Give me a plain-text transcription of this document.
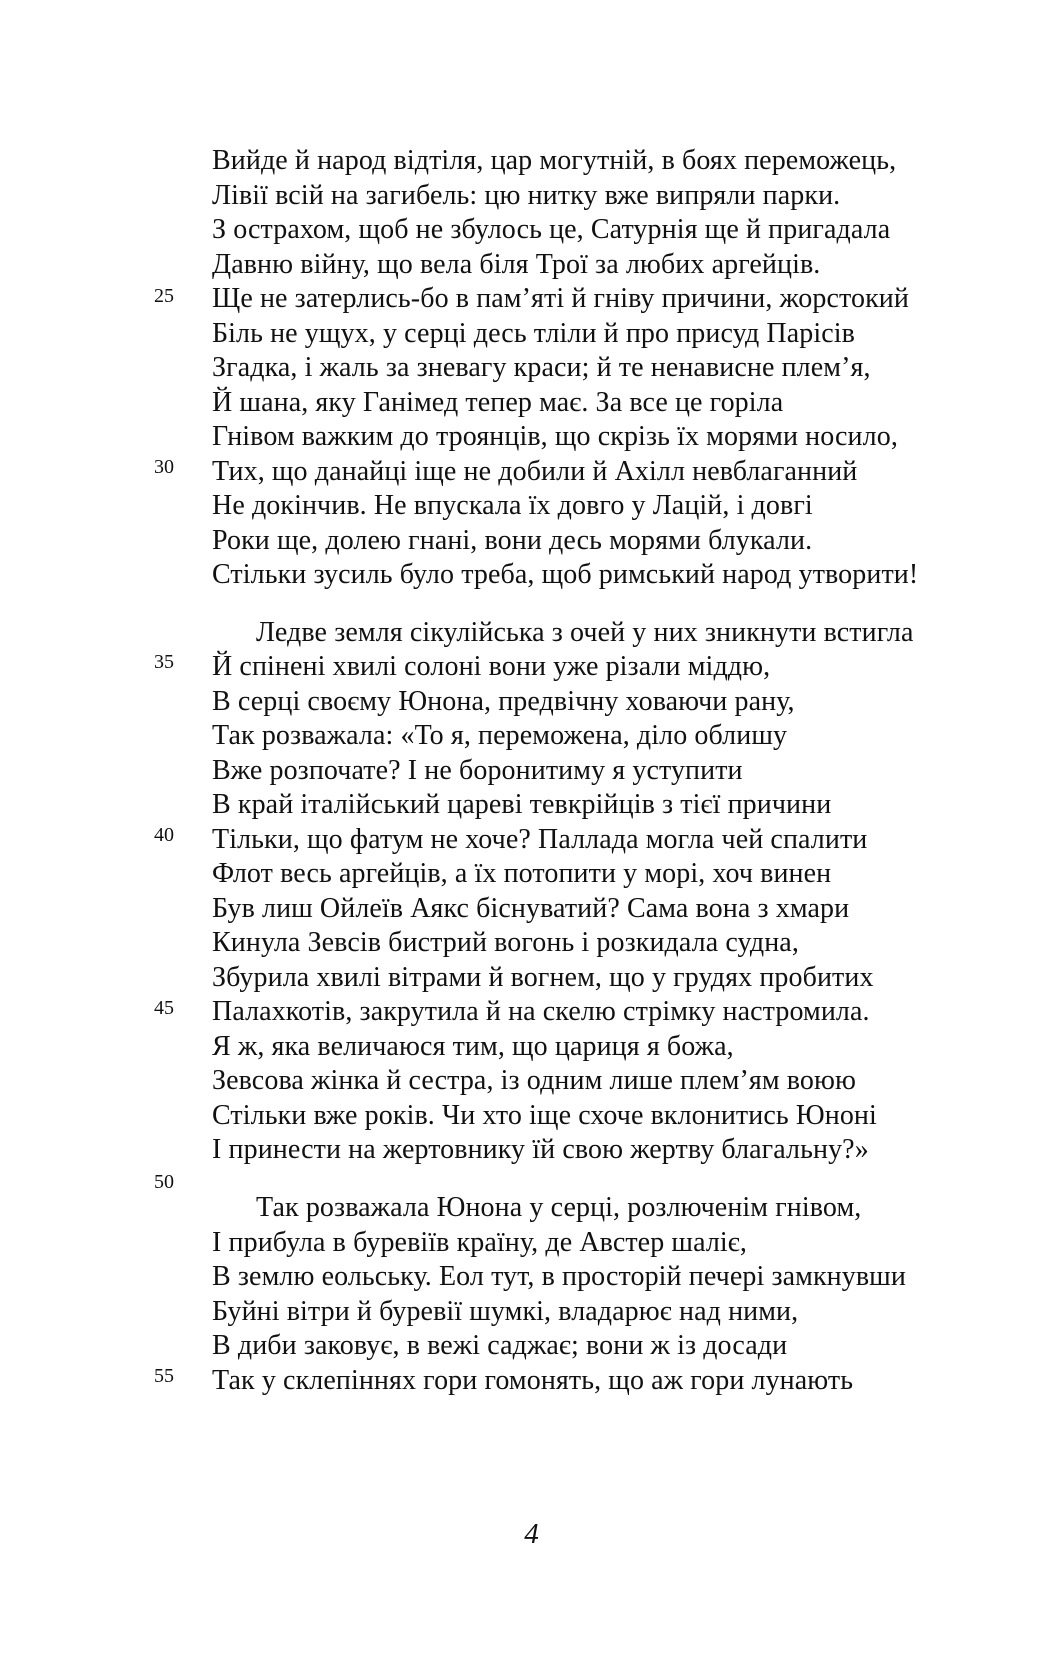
Вийде й народ відтіля, цар могутній, в боях переможець,
Лівії всій на загибель: цю нитку вже випряли парки.
З острахом, щоб не збулось це, Сатурнія ще й пригадала
Давню війну, що вела біля Трої за любих аргейців.
25 Ще не затерлись-бо в пам’яті й гніву причини, жорстокий
Біль не ущух, у серці десь тліли й про присуд Парісів
Згадка, і жаль за зневагу краси; й те ненависне плем’я,
Й шана, яку Ганімед тепер має. За все це горіла
Гнівом важким до троянців, що скрізь їх морями носило,
30 Тих, що данайці іще не добили й Ахілл невблаганний
Не докінчив. Не впускала їх довго у Лацій, і довгі
Роки ще, долею гнані, вони десь морями блукали.
Стільки зусиль було треба, щоб римський народ утворити!
Ледве земля сікулійська з очей у них зникнути встигла
35 Й спінені хвилі солоні вони уже різали міддю,
В серці своєму Юнона, предвічну ховаючи рану,
Так розважала: «То я, переможена, діло облишу
Вже розпочате? І не боронитиму я уступити
В край італійський цареві тевкрійців з тієї причини
40 Тільки, що фатум не хоче? Паллада могла чей спалити
Флот весь аргейців, а їх потопити у морі, хоч винен
Був лиш Ойлеїв Аякс біснуватий? Сама вона з хмари
Кинула Зевсів бистрий вогонь і розкидала судна,
Збурила хвилі вітрами й вогнем, що у грудях пробитих
45 Палахкотів, закрутила й на скелю стрімку настромила.
Я ж, яка величаюся тим, що цариця я божа,
Зевсова жінка й сестра, із одним лише плем’ям воюю
Стільки вже років. Чи хто іще схоче вклонитись Юноні
І принести на жертовнику їй свою жертву благальну?»
50
Так розважала Юнона у серці, розлюченім гнівом,
І прибула в буревіїв країну, де Австер шаліє,
В землю еольську. Еол тут, в просторій печері замкнувши
Буйні вітри й буревії шумкі, владарює над ними,
В диби заковує, в вежі саджає; вони ж із досади
55 Так у склепіннях гори гомонять, що аж гори лунають
4
